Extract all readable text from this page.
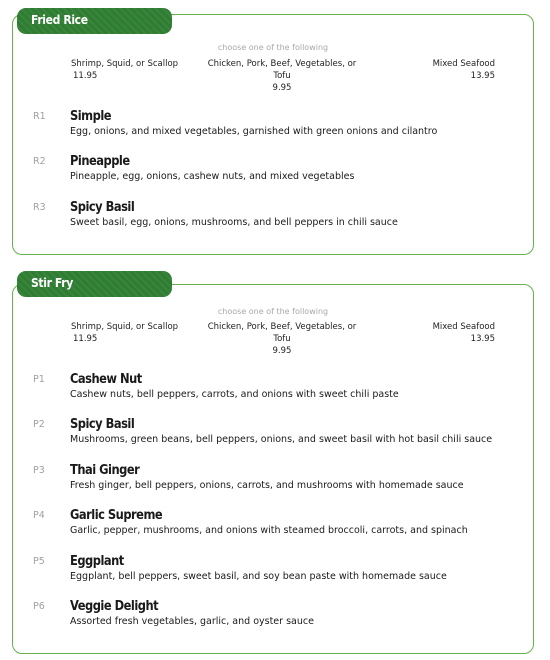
choose one of the following
Shrimp, Squid, or Scallop
11.95
Chicken, Pork, Beef, Vegetables, or Tofu
9.95
Mixed Seafood
13.95
R1 Simple
Egg, onions, and mixed vegetables, garnished with green onions and cilantro
R2 Pineapple
Pineapple, egg, onions, cashew nuts, and mixed vegetables
R3 Spicy Basil
Sweet basil, egg, onions, mushrooms, and bell peppers in chili sauce
Fried Rice
choose one of the following
Shrimp, Squid, or Scallop
11.95
Chicken, Pork, Beef, Vegetables, or Tofu
9.95
Mixed Seafood
13.95
P1 Cashew Nut
Cashew nuts, bell peppers, carrots, and onions with sweet chili paste
P2 Spicy Basil
Mushrooms, green beans, bell peppers, onions, and sweet basil with hot basil chili sauce
P3 Thai Ginger
Fresh ginger, bell peppers, onions, carrots, and mushrooms with homemade sauce
P4 Garlic Supreme
Garlic, pepper, mushrooms, and onions with steamed broccoli, carrots, and spinach
P5 Eggplant
Eggplant, bell peppers, sweet basil, and soy bean paste with homemade sauce
P6 Veggie Delight
Assorted fresh vegetables, garlic, and oyster sauce
Stir Fry
